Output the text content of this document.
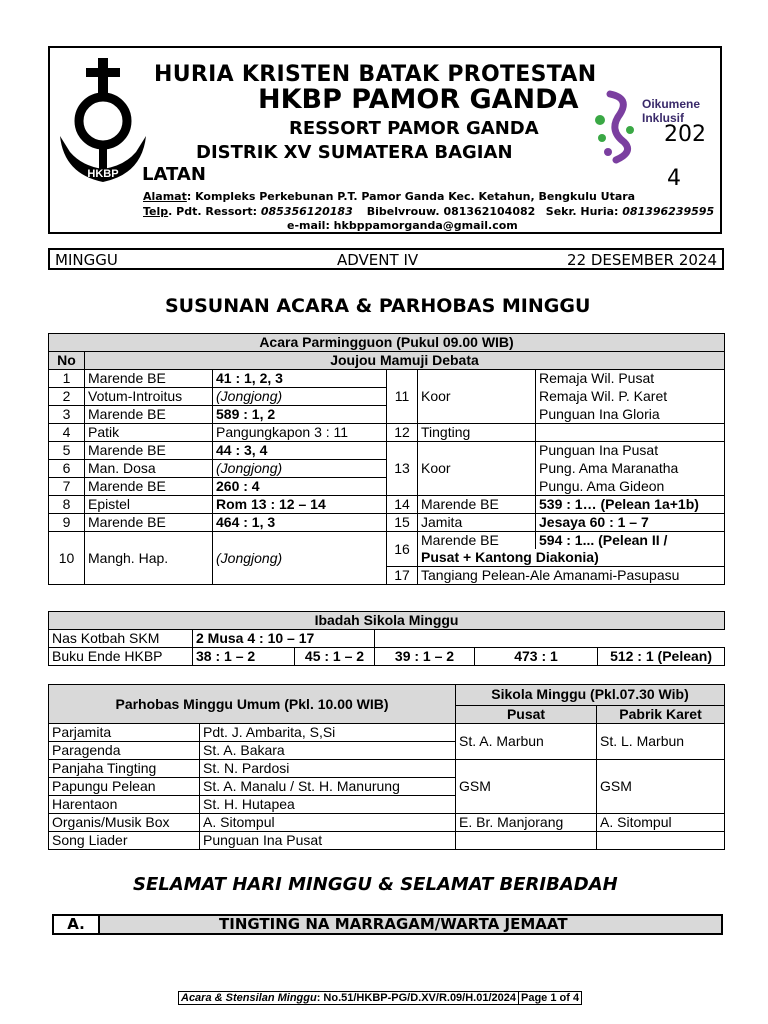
HKBP
HURIA KRISTEN BATAK PROTESTAN
HKBP PAMOR GANDA
RESSORT PAMOR GANDA
DISTRIK XV SUMATERA BAGIAN
LATAN
Oikumene
Inklusif

202
4
Alamat: Kompleks Perkebunan P.T. Pamor Ganda Kec. Ketahun, Bengkulu Utara
Telp. Pdt. Ressort: 085356120183 Bibelvrouw. 081362104082 Sekr. Huria: 081396239595
e-mail: hkbppamorganda@gmail.com
MINGGU	ADVENT IV	22 DESEMBER 2024
SUSUNAN ACARA & PARHOBAS MINGGU
Acara Parmingguon (Pukul 09.00 WIB)					
No	Joujou Mamuji Debata				
1	Marende BE	41 : 1, 2, 3	11	Koor	Remaja Wil. Pusat
2	Votum-Introitus	(Jongjong)			Remaja Wil. P. Karet
3	Marende BE	589 : 1, 2			Punguan Ina Gloria
4	Patik	Pangungkapon 3 : 11	12	Tingting	
5	Marende BE	44 : 3, 4	13	Koor	Punguan Ina Pusat
6	Man. Dosa	(Jongjong)			Pung. Ama Maranatha
7	Marende BE	260 : 4			Pungu. Ama Gideon
8	Epistel	Rom 13 : 12 – 14	14	Marende BE	539 : 1… (Pelean 1a+1b)
9	Marende BE	464 : 1, 3	15	Jamita	Jesaya 60 : 1 – 7
10	Mangh. Hap.	(Jongjong)	16	Marende BE	594 : 1... (Pelean II /
				Pusat + Kantong Diakonia)	
			17	Tangiang Pelean-Ale Amanami-Pasupasu	
Ibadah Sikola Minggu					
Nas Kotbah SKM	2 Musa 4 : 10 – 17				
Buku Ende HKBP	38 : 1 – 2	45 : 1 – 2	39 : 1 – 2	473 : 1	512 : 1 (Pelean)
Parhobas Minggu Umum (Pkl. 10.00 WIB)		Sikola Minggu (Pkl.07.30 Wib)	
		Pusat	Pabrik Karet
Parjamita	Pdt. J. Ambarita, S,Si	St. A. Marbun	St. L. Marbun
Paragenda	St. A. Bakara		
Panjaha Tingting	St. N. Pardosi	GSM	GSM
Papungu Pelean	St. A. Manalu / St. H. Manurung		
Harentaon	St. H. Hutapea		
Organis/Musik Box	A. Sitompul	E. Br. Manjorang	A. Sitompul
Song Liader	Punguan Ina Pusat		
SELAMAT HARI MINGGU & SELAMAT BERIBADAH
A.	TINGTING NA MARRAGAM/WARTA JEMAAT
Acara & Stensilan Minggu: No.51/HKBP-PG/D.XV/R.09/H.01/2024 Page 1 of 4
